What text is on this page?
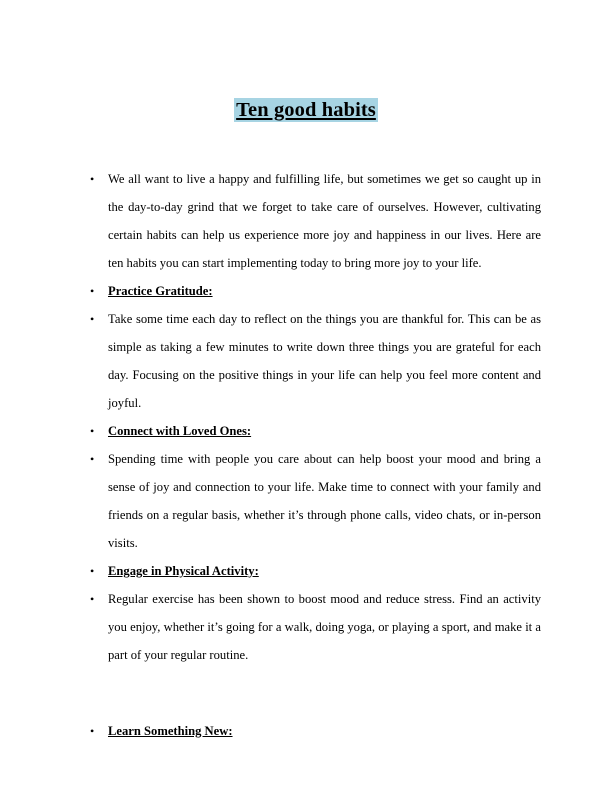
Ten good habits
• We all want to live a happy and fulfilling life, but sometimes we get so caught up in the day-to-day grind that we forget to take care of ourselves. However, cultivating certain habits can help us experience more joy and happiness in our lives. Here are ten habits you can start implementing today to bring more joy to your life.
• Practice Gratitude:
• Take some time each day to reflect on the things you are thankful for. This can be as simple as taking a few minutes to write down three things you are grateful for each day. Focusing on the positive things in your life can help you feel more content and joyful.
• Connect with Loved Ones:
• Spending time with people you care about can help boost your mood and bring a sense of joy and connection to your life. Make time to connect with your family and friends on a regular basis, whether it’s through phone calls, video chats, or in-person visits.
• Engage in Physical Activity:
• Regular exercise has been shown to boost mood and reduce stress. Find an activity you enjoy, whether it’s going for a walk, doing yoga, or playing a sport, and make it a part of your regular routine.
• Learn Something New:
